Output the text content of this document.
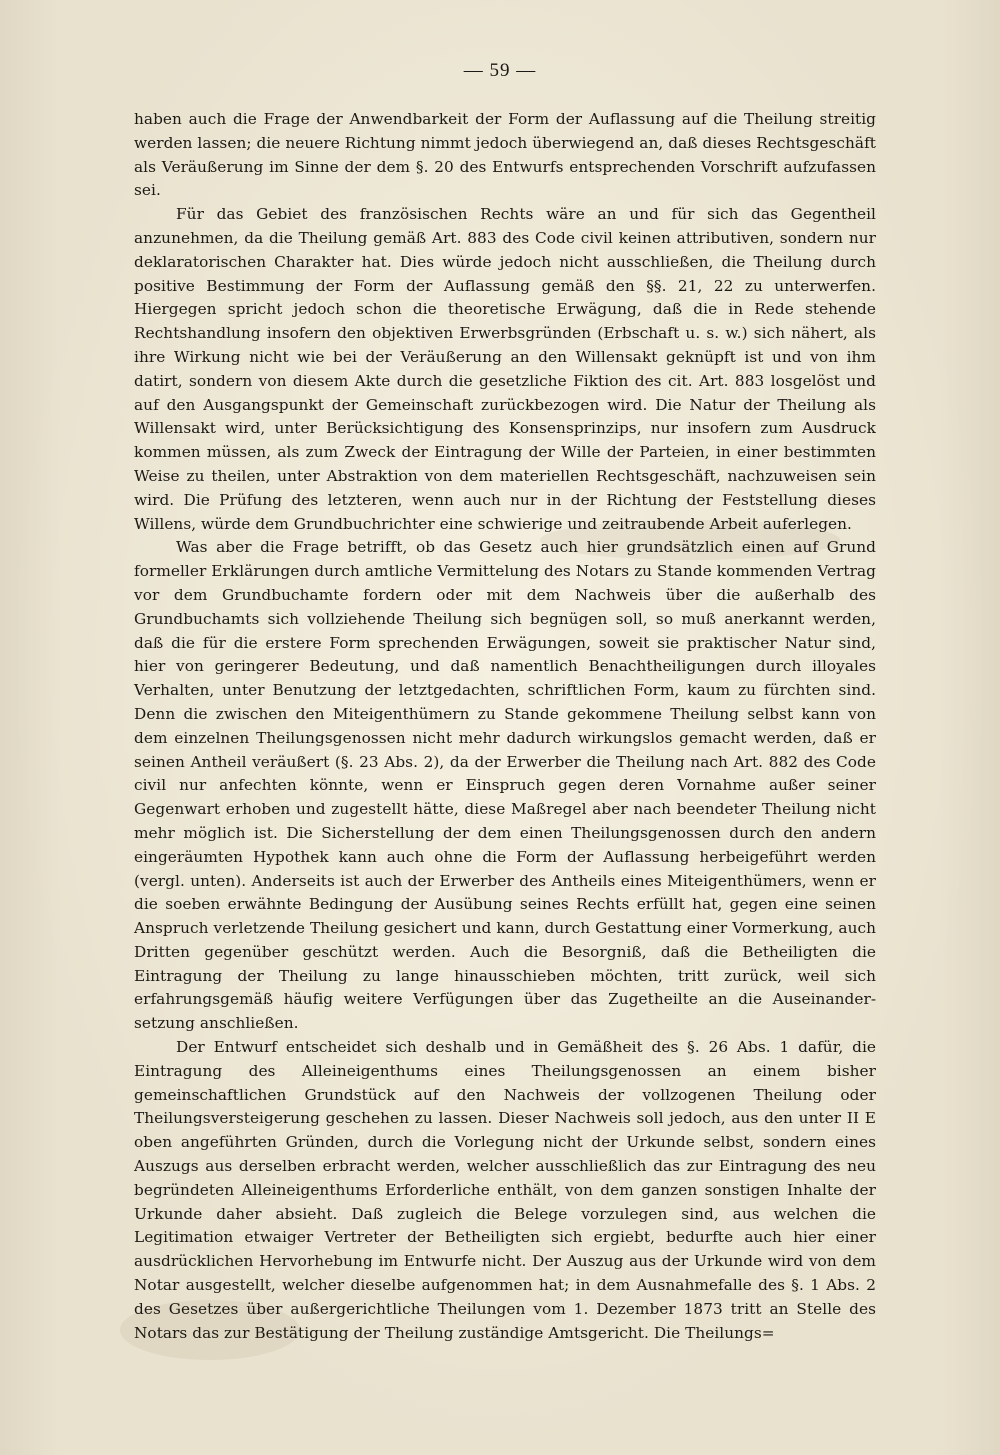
— 59 —

haben auch die Frage der Anwendbarkeit der Form der Auflassung auf die Theilung streitig werden lassen; die neuere Richtung nimmt jedoch überwiegend an, daß dieses Rechtsgeschäft als Veräußerung im Sinne der dem §. 20 des Entwurfs entsprechenden Vorschrift aufzufassen sei.

Für das Gebiet des französischen Rechts wäre an und für sich das Gegentheil anzunehmen, da die Theilung gemäß Art. 883 des Code civil keinen attributiven, sondern nur deklaratorischen Charakter hat. Dies würde jedoch nicht ausschließen, die Theilung durch positive Bestimmung der Form der Auflassung gemäß den §§. 21, 22 zu unterwerfen. Hiergegen spricht jedoch schon die theoretische Erwägung, daß die in Rede stehende Rechtshandlung insofern den objektiven Erwerbsgründen (Erbschaft u. s. w.) sich nähert, als ihre Wirkung nicht wie bei der Veräußerung an den Willensakt geknüpft ist und von ihm datirt, sondern von diesem Akte durch die gesetzliche Fiktion des cit. Art. 883 losgelöst und auf den Ausgangspunkt der Gemeinschaft zurückbezogen wird. Die Natur der Theilung als Willensakt wird, unter Berücksichtigung des Konsensprinzips, nur insofern zum Ausdruck kommen müssen, als zum Zweck der Eintragung der Wille der Parteien, in einer bestimmten Weise zu theilen, unter Abstraktion von dem materiellen Rechtsgeschäft, nachzuweisen sein wird. Die Prüfung des letzteren, wenn auch nur in der Richtung der Feststellung dieses Willens, würde dem Grundbuchrichter eine schwierige und zeitraubende Arbeit auferlegen.

Was aber die Frage betrifft, ob das Gesetz auch hier grundsätzlich einen auf Grund formeller Erklärungen durch amtliche Vermittelung des Notars zu Stande kommenden Vertrag vor dem Grundbuchamte fordern oder mit dem Nachweis über die außerhalb des Grundbuchamts sich vollziehende Theilung sich begnügen soll, so muß anerkannt werden, daß die für die erstere Form sprechenden Erwägungen, soweit sie praktischer Natur sind, hier von geringerer Bedeutung, und daß namentlich Benachtheiligungen durch illoyales Verhalten, unter Benutzung der letztgedachten, schriftlichen Form, kaum zu fürchten sind. Denn die zwischen den Miteigenthümern zu Stande gekommene Theilung selbst kann von dem einzelnen Theilungsgenossen nicht mehr dadurch wirkungslos gemacht werden, daß er seinen Antheil veräußert (§. 23 Abs. 2), da der Erwerber die Theilung nach Art. 882 des Code civil nur anfechten könnte, wenn er Einspruch gegen deren Vornahme außer seiner Gegenwart erhoben und zugestellt hätte, diese Maßregel aber nach beendeter Theilung nicht mehr möglich ist. Die Sicherstellung der dem einen Theilungsgenossen durch den andern eingeräumten Hypothek kann auch ohne die Form der Auflassung herbeigeführt werden (vergl. unten). Anderseits ist auch der Erwerber des Antheils eines Miteigenthümers, wenn er die soeben erwähnte Bedingung der Ausübung seines Rechts erfüllt hat, gegen eine seinen Anspruch verletzende Theilung gesichert und kann, durch Gestattung einer Vormerkung, auch Dritten gegenüber geschützt werden. Auch die Besorgniß, daß die Betheiligten die Eintragung der Theilung zu lange hinausschieben möchten, tritt zurück, weil sich erfahrungsgemäß häufig weitere Verfügungen über das Zugetheilte an die Auseinandersetzung anschließen.

Der Entwurf entscheidet sich deshalb und in Gemäßheit des §. 26 Abs. 1 dafür, die Eintragung des Alleineigenthums eines Theilungsgenossen an einem bisher gemeinschaftlichen Grundstück auf den Nachweis der vollzogenen Theilung oder Theilungsversteigerung geschehen zu lassen. Dieser Nachweis soll jedoch, aus den unter II E oben angeführten Gründen, durch die Vorlegung nicht der Urkunde selbst, sondern eines Auszugs aus derselben erbracht werden, welcher ausschließlich das zur Eintragung des neu begründeten Alleineigenthums Erforderliche enthält, von dem ganzen sonstigen Inhalte der Urkunde daher absieht. Daß zugleich die Belege vorzulegen sind, aus welchen die Legitimation etwaiger Vertreter der Betheiligten sich ergiebt, bedurfte auch hier einer ausdrücklichen Hervorhebung im Entwurfe nicht. Der Auszug aus der Urkunde wird von dem Notar ausgestellt, welcher dieselbe aufgenommen hat; in dem Ausnahmefalle des §. 1 Abs. 2 des Gesetzes über außergerichtliche Theilungen vom 1. Dezember 1873 tritt an Stelle des Notars das zur Bestätigung der Theilung zuständige Amtsgericht. Die Theilungs=
